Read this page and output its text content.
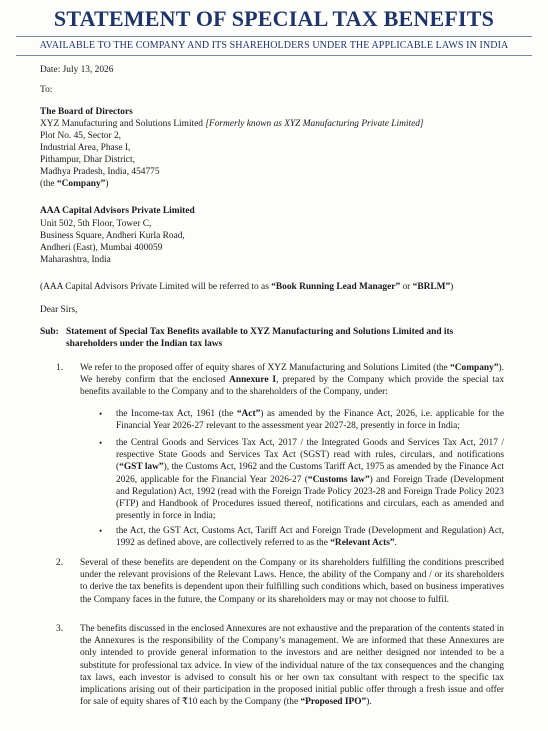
STATEMENT OF SPECIAL TAX BENEFITS
AVAILABLE TO THE COMPANY AND ITS SHAREHOLDERS UNDER THE APPLICABLE LAWS IN INDIA
Date: July 13, 2026
To:
The Board of Directors
XYZ Manufacturing and Solutions Limited [Formerly known as XYZ Manufacturing Private Limited]
Plot No. 45, Sector 2,
Industrial Area, Phase I,
Pithampur, Dhar District,
Madhya Pradesh, India, 454775
(the “Company”)
AAA Capital Advisors Private Limited
Unit 502, 5th Floor, Tower C,
Business Square, Andheri Kurla Road,
Andheri (East), Mumbai 400059
Maharashtra, India
(AAA Capital Advisors Private Limited will be referred to as “Book Running Lead Manager” or “BRLM”)
Dear Sirs,
Sub: Statement of Special Tax Benefits available to XYZ Manufacturing and Solutions Limited and its
shareholders under the Indian tax laws
1. We refer to the proposed offer of equity shares of XYZ Manufacturing and Solutions Limited (the “Company”). We hereby confirm that the enclosed Annexure I, prepared by the Company which provide the special tax benefits available to the Company and to the shareholders of the Company, under:
• the Income-tax Act, 1961 (the “Act”) as amended by the Finance Act, 2026, i.e. applicable for the Financial Year 2026-27 relevant to the assessment year 2027-28, presently in force in India;
• the Central Goods and Services Tax Act, 2017 / the Integrated Goods and Services Tax Act, 2017 / respective State Goods and Services Tax Act (SGST) read with rules, circulars, and notifications (“GST law”), the Customs Act, 1962 and the Customs Tariff Act, 1975 as amended by the Finance Act 2026, applicable for the Financial Year 2026-27 (“Customs law”) and Foreign Trade (Development and Regulation) Act, 1992 (read with the Foreign Trade Policy 2023-28 and Foreign Trade Policy 2023 (FTP) and Handbook of Procedures issued thereof, notifications and circulars, each as amended and presently in force in India;
• the Act, the GST Act, Customs Act, Tariff Act and Foreign Trade (Development and Regulation) Act, 1992 as defined above, are collectively referred to as the “Relevant Acts”.
2. Several of these benefits are dependent on the Company or its shareholders fulfilling the conditions prescribed under the relevant provisions of the Relevant Laws. Hence, the ability of the Company and / or its shareholders to derive the tax benefits is dependent upon their fulfilling such conditions which, based on business imperatives the Company faces in the future, the Company or its shareholders may or may not choose to fulfil.
3. The benefits discussed in the enclosed Annexures are not exhaustive and the preparation of the contents stated in the Annexures is the responsibility of the Company’s management. We are informed that these Annexures are only intended to provide general information to the investors and are neither designed nor intended to be a substitute for professional tax advice. In view of the individual nature of the tax consequences and the changing tax laws, each investor is advised to consult his or her own tax consultant with respect to the specific tax implications arising out of their participation in the proposed initial public offer through a fresh issue and offer for sale of equity shares of ₹10 each by the Company (the “Proposed IPO”).
